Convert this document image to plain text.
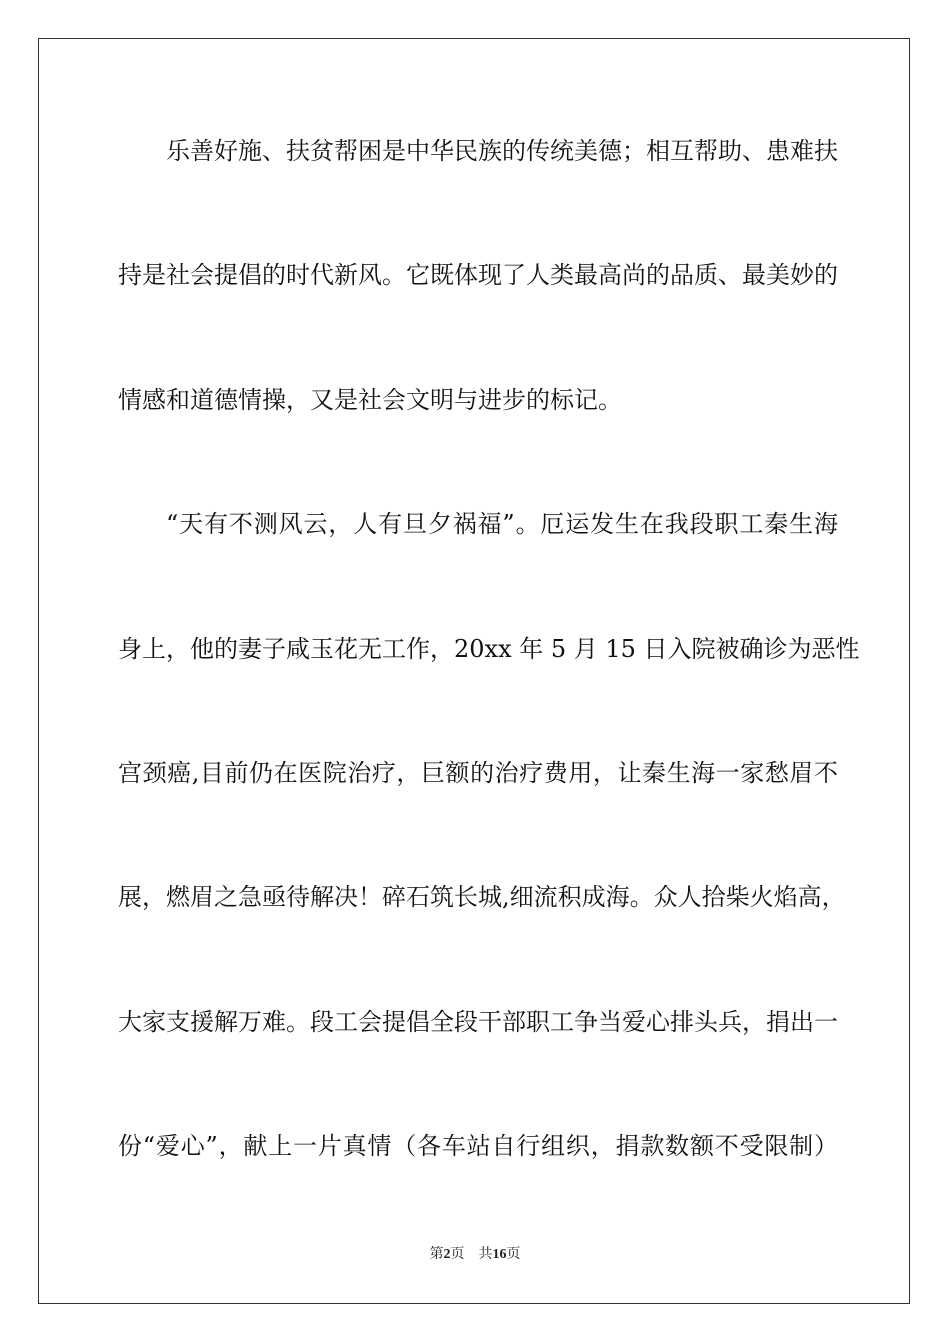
乐善好施、扶贫帮困是中华民族的传统美德；相互帮助、患难扶
持是社会提倡的时代新风。它既体现了人类最高尚的品质、最美妙的
情感和道德情操，又是社会文明与进步的标记。
“天有不测风云，人有旦夕祸福”。厄运发生在我段职工秦生海
身上，他的妻子咸玉花无工作，20xx 年 5 月 15 日入院被确诊为恶性
宫颈癌,目前仍在医院治疗，巨额的治疗费用，让秦生海一家愁眉不
展，燃眉之急亟待解决！碎石筑长城,细流积成海。众人拾柴火焰高，
大家支援解万难。段工会提倡全段干部职工争当爱心排头兵，捐出一
份“爱心”，献上一片真情（各车站自行组织，捐款数额不受限制）
第2页　共16页
